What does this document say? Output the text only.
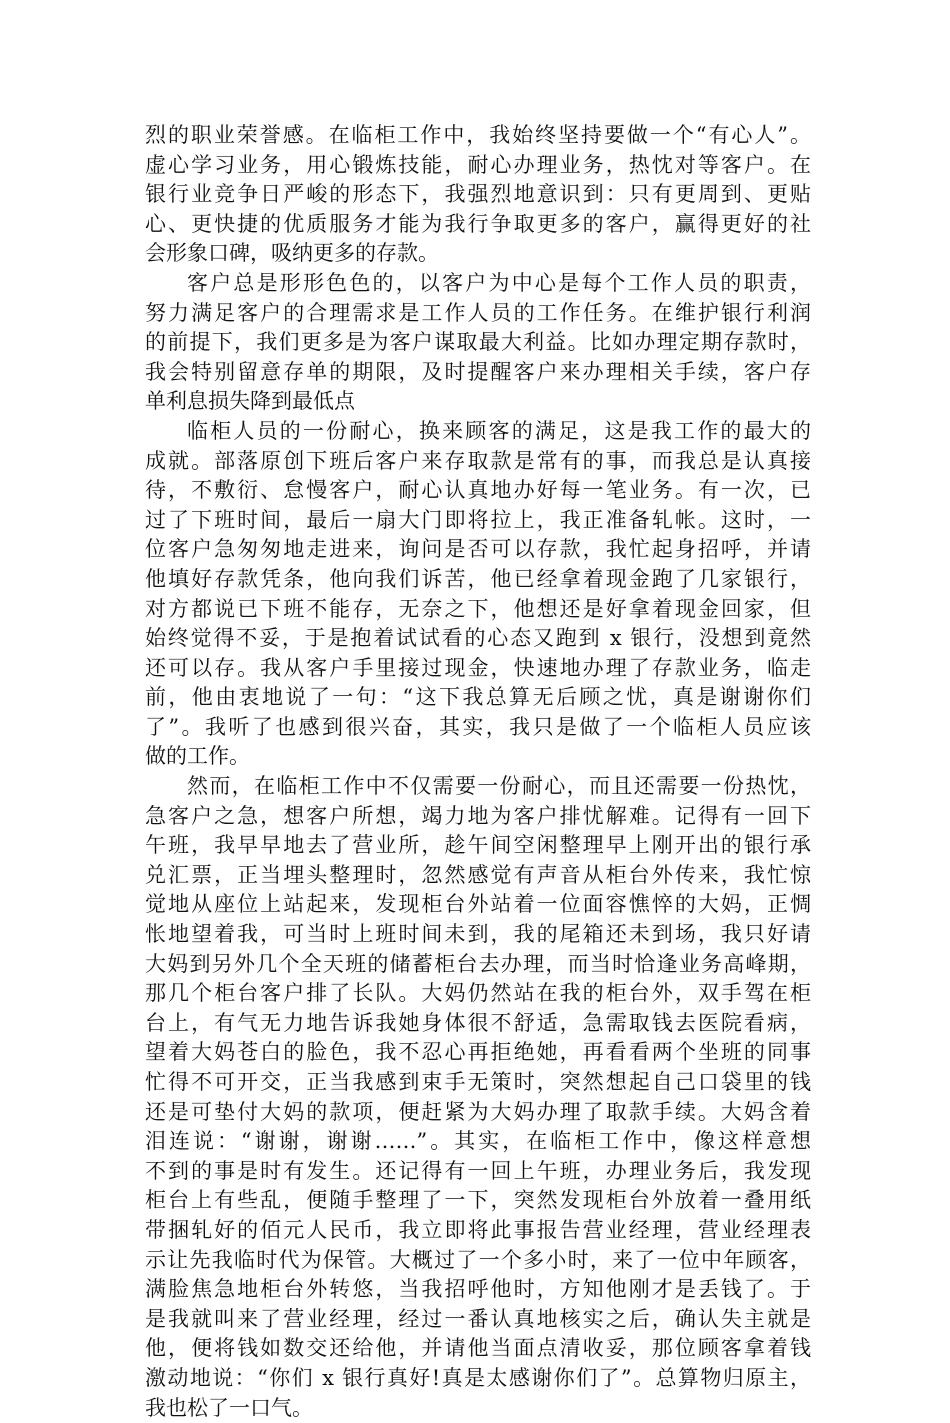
烈的职业荣誉感。在临柜工作中，我始终坚持要做一个“有心人”。
虚心学习业务，用心锻炼技能，耐心办理业务，热忱对等客户。在
银行业竞争日严峻的形态下，我强烈地意识到：只有更周到、更贴
心、更快捷的优质服务才能为我行争取更多的客户，赢得更好的社
会形象口碑，吸纳更多的存款。
客户总是形形色色的，以客户为中心是每个工作人员的职责，
努力满足客户的合理需求是工作人员的工作任务。在维护银行利润
的前提下，我们更多是为客户谋取最大利益。比如办理定期存款时，
我会特别留意存单的期限，及时提醒客户来办理相关手续，客户存
单利息损失降到最低点
临柜人员的一份耐心，换来顾客的满足，这是我工作的最大的
成就。部落原创下班后客户来存取款是常有的事，而我总是认真接
待，不敷衍、怠慢客户，耐心认真地办好每一笔业务。有一次，已
过了下班时间，最后一扇大门即将拉上，我正准备轧帐。这时，一
位客户急匆匆地走进来，询问是否可以存款，我忙起身招呼，并请
他填好存款凭条，他向我们诉苦，他已经拿着现金跑了几家银行，
对方都说已下班不能存，无奈之下，他想还是好拿着现金回家，但
始终觉得不妥，于是抱着试试看的心态又跑到 x 银行，没想到竟然
还可以存。我从客户手里接过现金，快速地办理了存款业务，临走
前，他由衷地说了一句：“这下我总算无后顾之忧，真是谢谢你们
了”。我听了也感到很兴奋，其实，我只是做了一个临柜人员应该
做的工作。
然而，在临柜工作中不仅需要一份耐心，而且还需要一份热忱，
急客户之急，想客户所想，竭力地为客户排忧解难。记得有一回下
午班，我早早地去了营业所，趁午间空闲整理早上刚开出的银行承
兑汇票，正当埋头整理时，忽然感觉有声音从柜台外传来，我忙惊
觉地从座位上站起来，发现柜台外站着一位面容憔悴的大妈，正惆
怅地望着我，可当时上班时间未到，我的尾箱还未到场，我只好请
大妈到另外几个全天班的储蓄柜台去办理，而当时恰逢业务高峰期，
那几个柜台客户排了长队。大妈仍然站在我的柜台外，双手驾在柜
台上，有气无力地告诉我她身体很不舒适，急需取钱去医院看病，
望着大妈苍白的脸色，我不忍心再拒绝她，再看看两个坐班的同事
忙得不可开交，正当我感到束手无策时，突然想起自己口袋里的钱
还是可垫付大妈的款项，便赶紧为大妈办理了取款手续。大妈含着
泪连说：“谢谢，谢谢……”。其实，在临柜工作中，像这样意想
不到的事是时有发生。还记得有一回上午班，办理业务后，我发现
柜台上有些乱，便随手整理了一下，突然发现柜台外放着一叠用纸
带捆轧好的佰元人民币，我立即将此事报告营业经理，营业经理表
示让先我临时代为保管。大概过了一个多小时，来了一位中年顾客，
满脸焦急地柜台外转悠，当我招呼他时，方知他刚才是丢钱了。于
是我就叫来了营业经理，经过一番认真地核实之后，确认失主就是
他，便将钱如数交还给他，并请他当面点清收妥，那位顾客拿着钱
激动地说：“你们 x 银行真好!真是太感谢你们了”。总算物归原主，
我也松了一口气。
